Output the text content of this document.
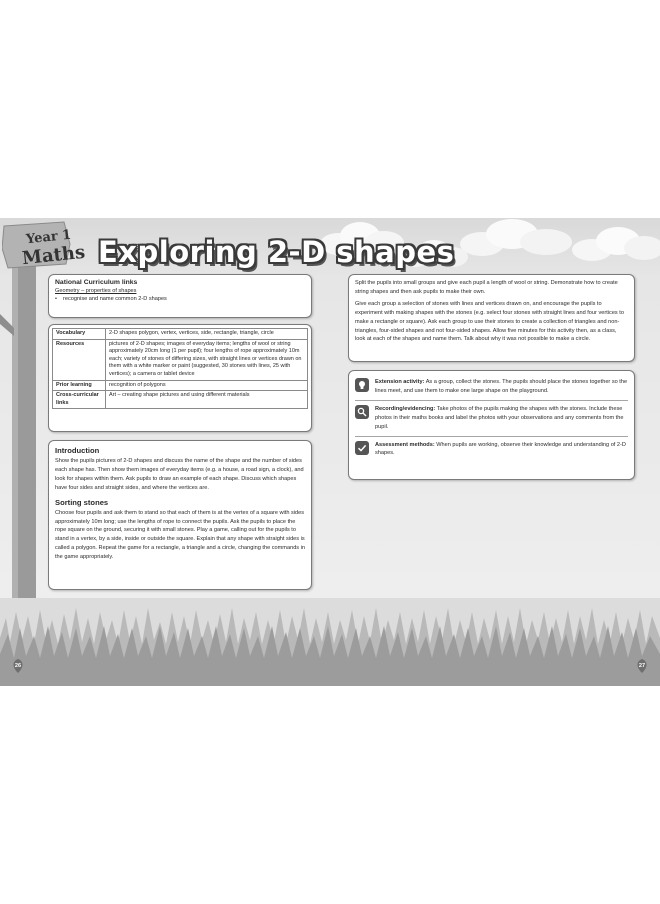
Year 1
Maths Exploring 2-D shapes

National Curriculum links

Geometry – properties of shapes

• recognise and name common 2-D shapes

Vocabulary	2-D shapes polygon, vertex, vertices, side, rectangle, triangle, circle
Resources	pictures of 2-D shapes; images of everyday items; lengths of wool or string approximately 20cm long (1 per pupil); four lengths of rope approximately 10m each; variety of stones of differing sizes, with straight lines or vertices drawn on them with a white marker or paint (suggested, 30 stones with lines, 25 with vertices); a camera or tablet device
Prior learning	recognition of polygons
Cross-curricular links	Art – creating shape pictures and using different materials

Introduction

Show the pupils pictures of 2-D shapes and discuss the name of the shape and the number of sides each shape has. Then show them images of everyday items (e.g. a house, a road sign, a clock), and look for shapes within them. Ask pupils to draw an example of each shape. Discuss which shapes have four sides and straight sides, and where the vertices are.

Sorting stones

Choose four pupils and ask them to stand so that each of them is at the vertex of a square with sides approximately 10m long; use the lengths of rope to connect the pupils. Ask the pupils to place the rope square on the ground, securing it with small stones. Play a game, calling out for the pupils to stand in a vertex, by a side, inside or outside the square. Explain that any shape with straight sides is called a polygon. Repeat the game for a rectangle, a triangle and a circle, changing the commands in the game appropriately.

Split the pupils into small groups and give each pupil a length of wool or string. Demonstrate how to create string shapes and then ask pupils to make their own.

Give each group a selection of stones with lines and vertices drawn on, and encourage the pupils to experiment with making shapes with the stones (e.g. select four stones with straight lines and four vertices to make a rectangle or square). Ask each group to use their stones to create a collection of triangles and non-triangles, four-sided shapes and not four-sided shapes. Allow five minutes for this activity then, as a class, look at each of the shapes and name them. Talk about why it was not possible to make a circle.

Extension activity: As a group, collect the stones. The pupils should place the stones together so the lines meet, and use them to make one large shape on the playground.
Recording/evidencing: Take photos of the pupils making the shapes with the stones. Include these photos in their maths books and label the photos with your observations and any comments from the pupil.
Assessment methods: When pupils are working, observe their knowledge and understanding of 2-D shapes.
26	27
